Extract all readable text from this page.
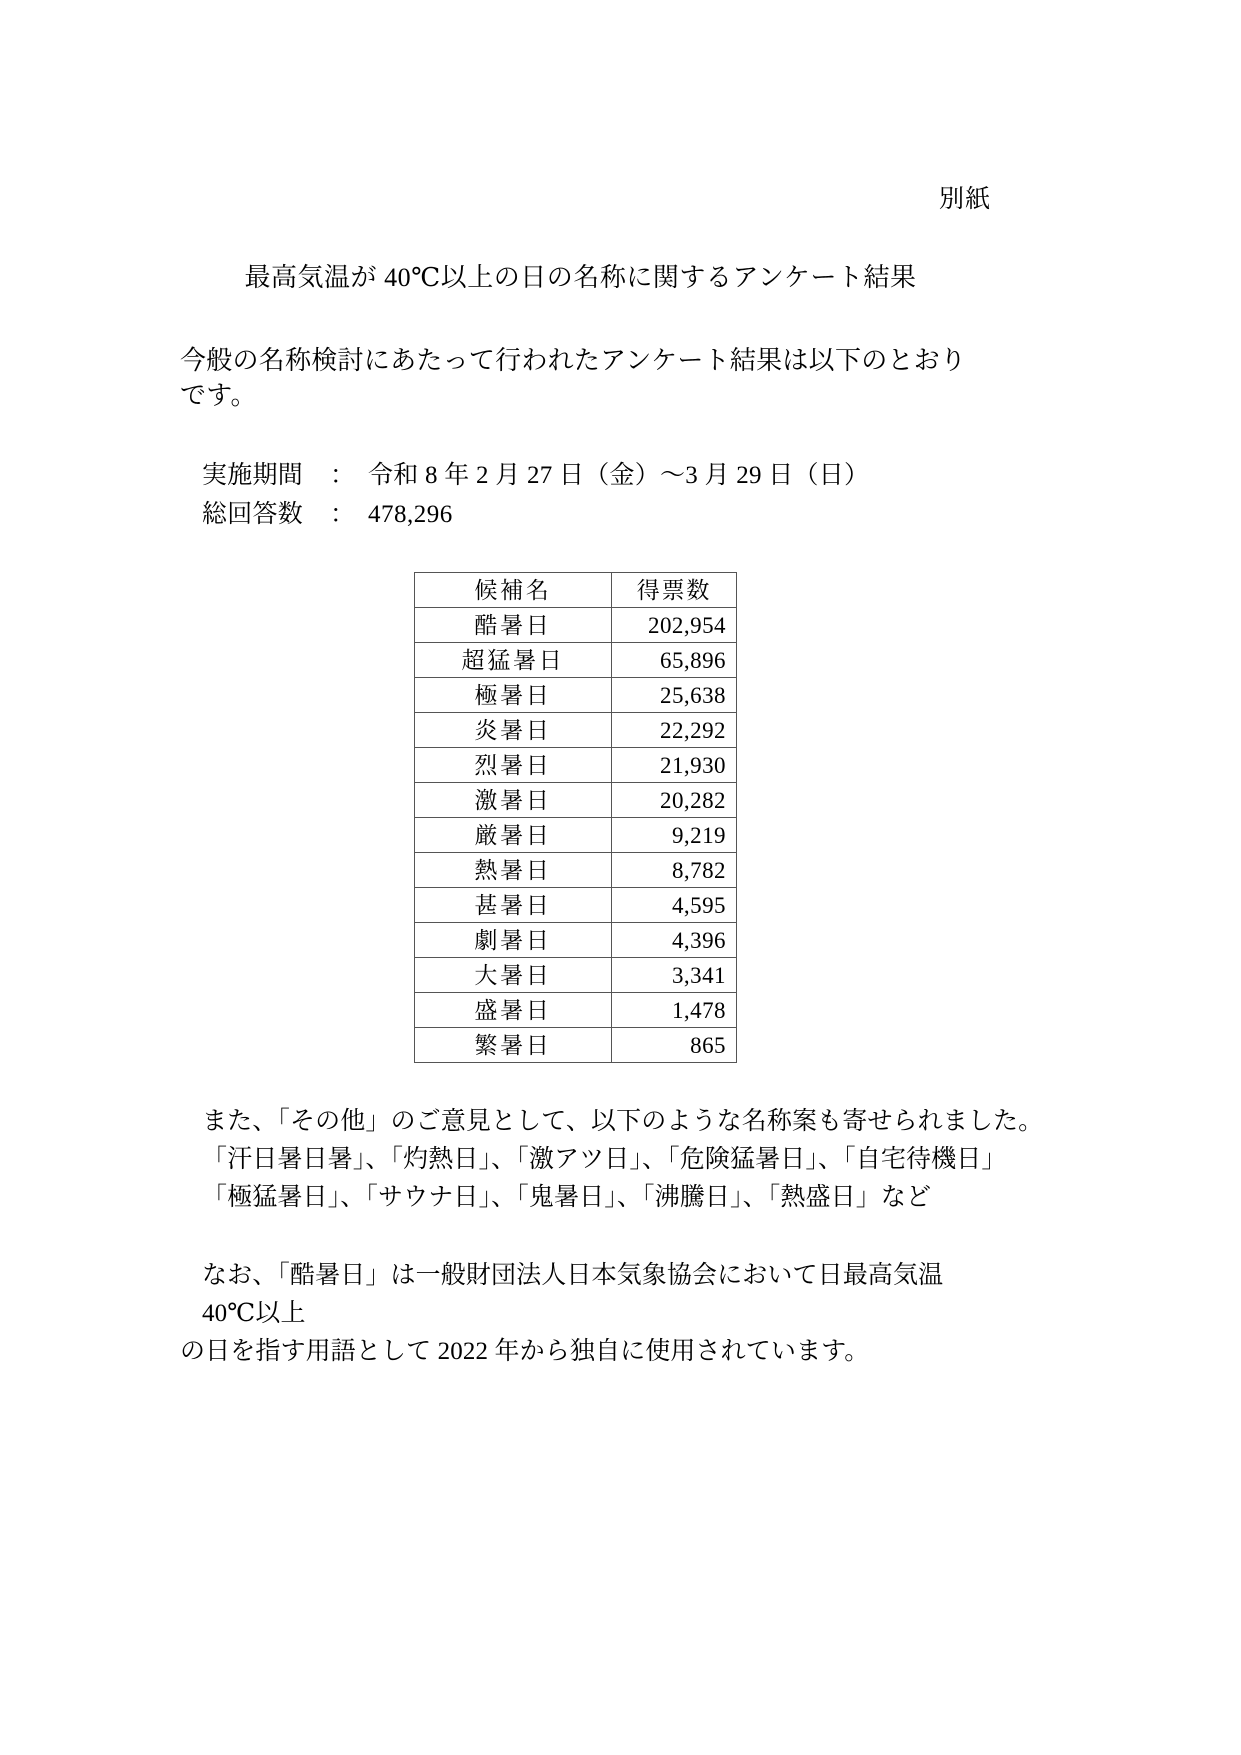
別紙
最高気温が 40℃以上の日の名称に関するアンケート結果

今般の名称検討にあたって行われたアンケート結果は以下のとおりです。

実施期間	： 令和 8 年 2 月 27 日（金）～3 月 29 日（日）
総回答数	： 478,296
候補名	得票数
酷暑日	202,954
超猛暑日	65,896
極暑日	25,638
炎暑日	22,292
烈暑日	21,930
激暑日	20,282
厳暑日	9,219
熱暑日	8,782
甚暑日	4,595
劇暑日	4,396
大暑日	3,341
盛暑日	1,478
繁暑日	865
また、「その他」のご意見として、以下のような名称案も寄せられました。
「汗日暑日暑」、「灼熱日」、「激アツ日」、「危険猛暑日」、「自宅待機日」
「極猛暑日」、「サウナ日」、「鬼暑日」、「沸騰日」、「熱盛日」など
なお、「酷暑日」は一般財団法人日本気象協会において日最高気温 40℃以上
の日を指す用語として 2022 年から独自に使用されています。
